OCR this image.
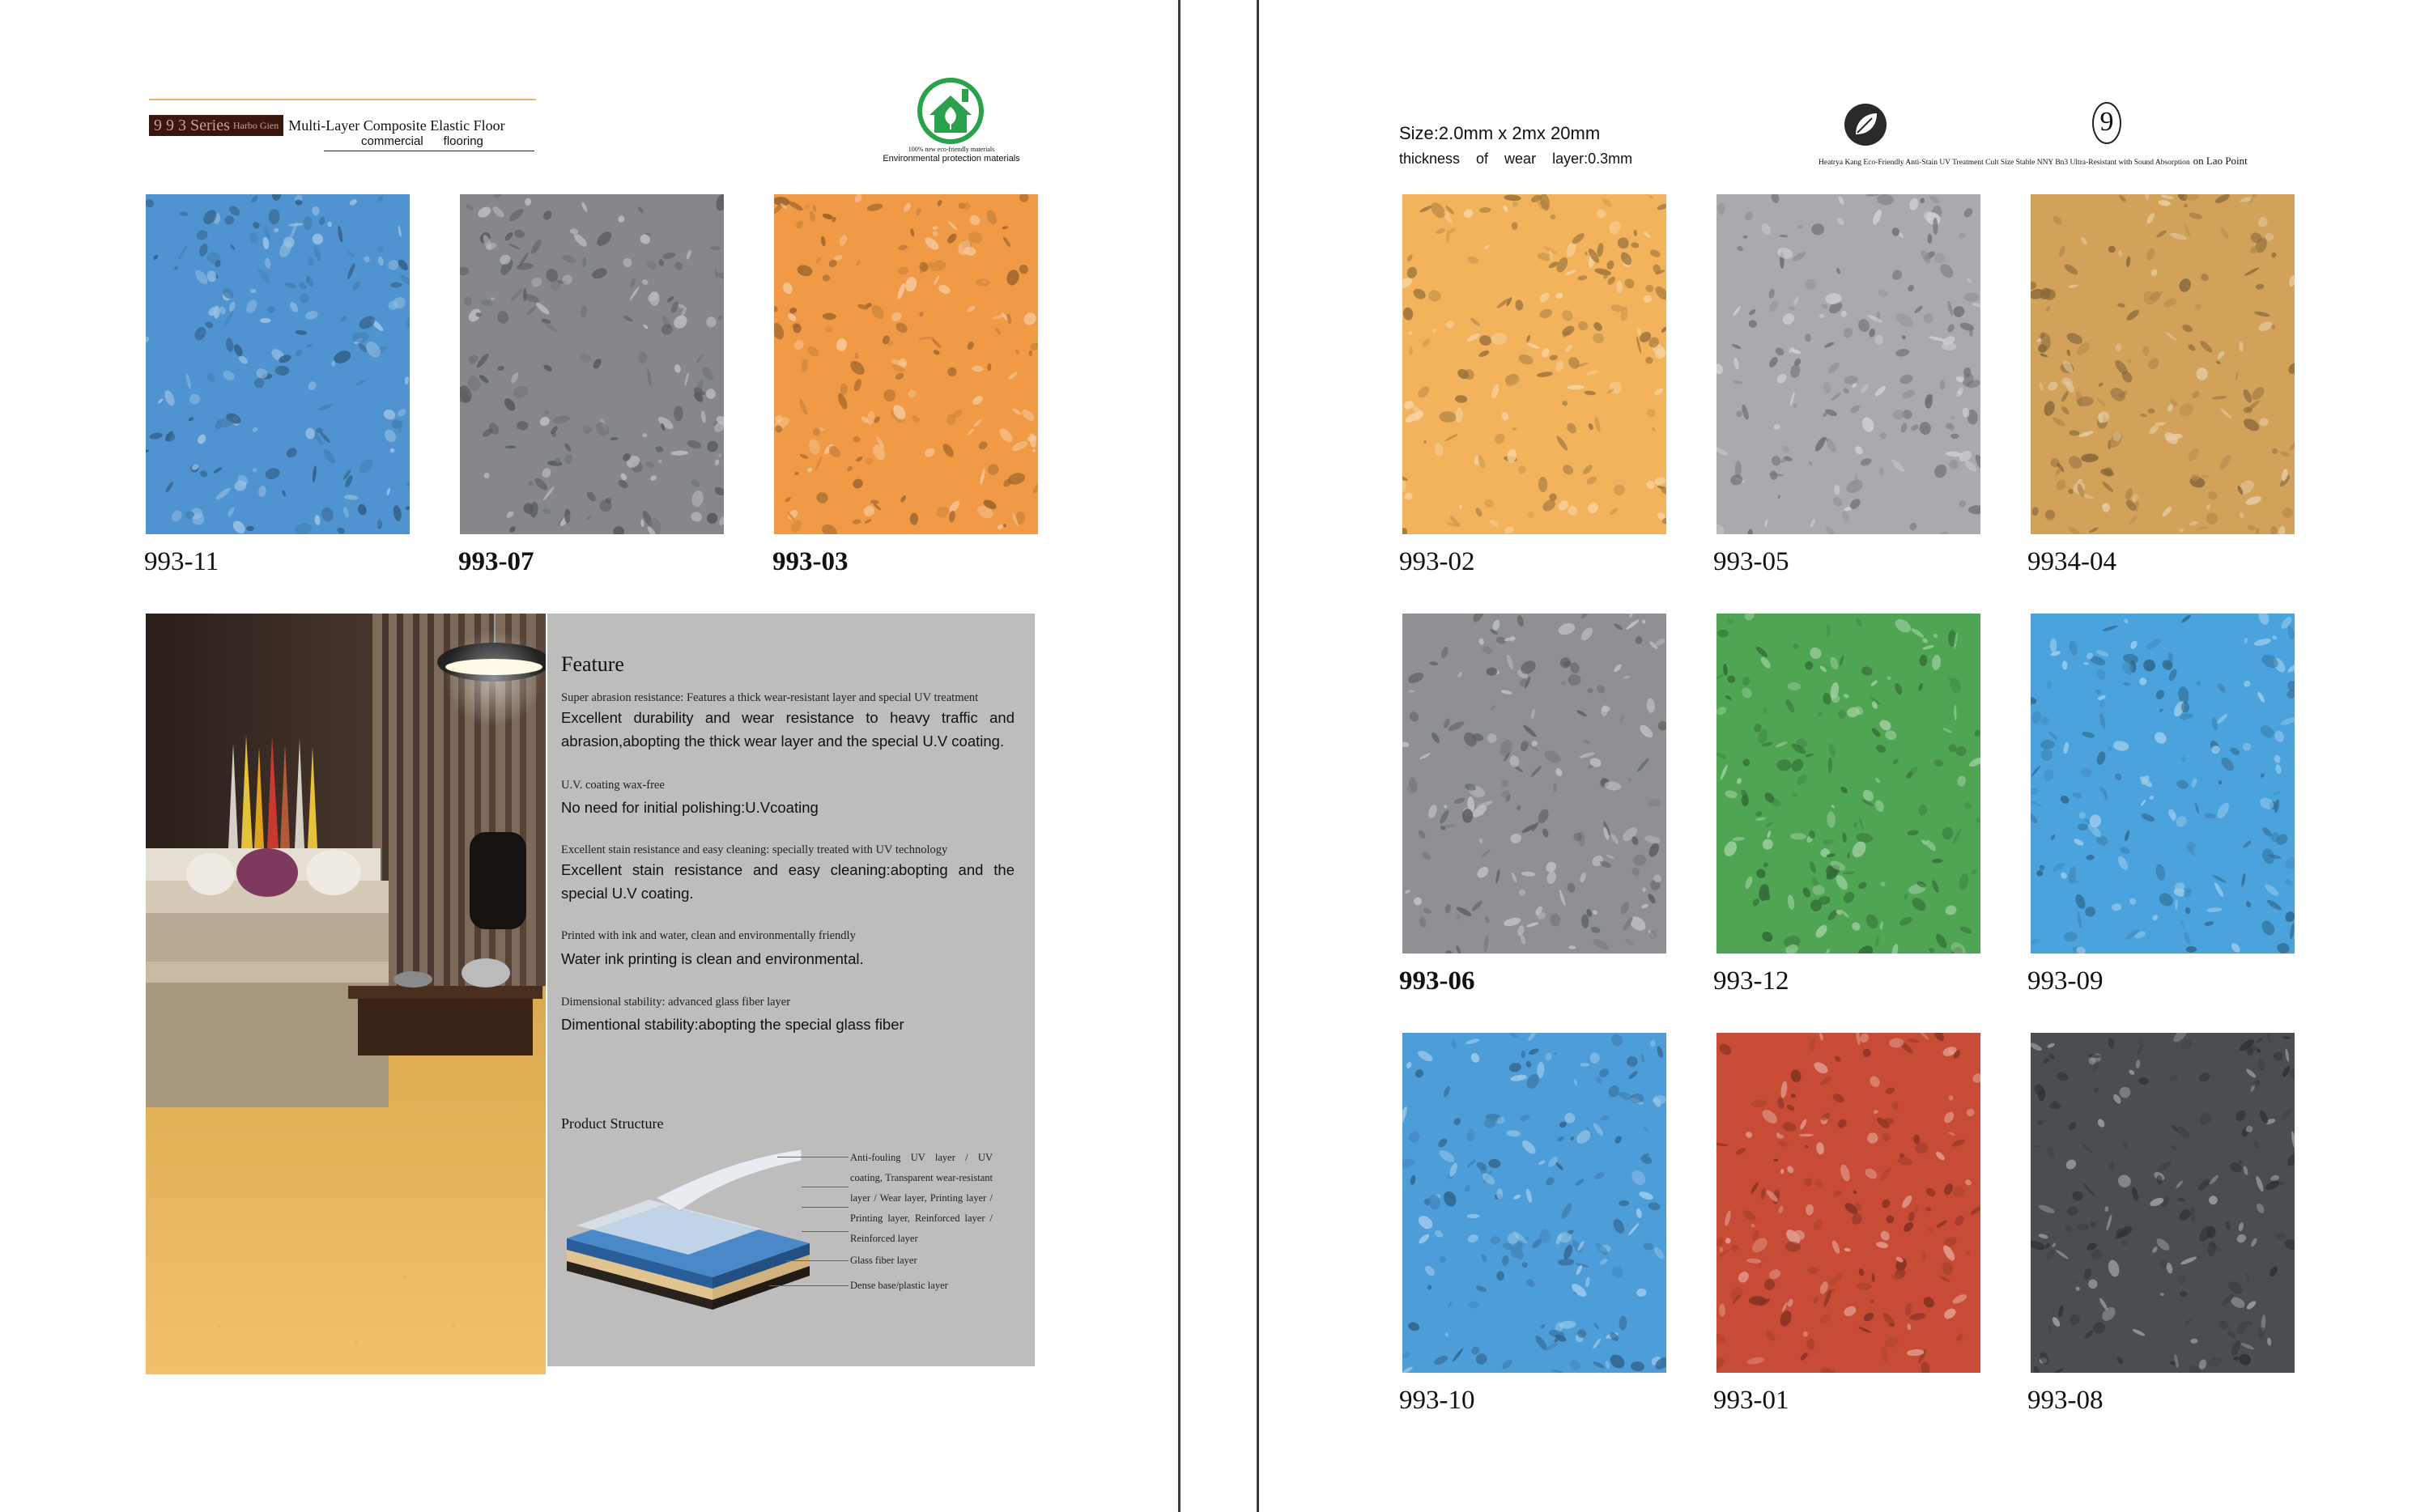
9 9 3 Series Harbo Gien Multi-Layer Composite Elastic Floor
commercial      flooring
100% new eco-friendly materials
Environmental protection materials
993-11	993-07	993-03
Feature
Super abrasion resistance: Features a thick wear-resistant layer and special UV treatment
Excellent durability and wear resistance to heavy traffic and abrasion,abopting the thick wear layer and the special U.V coating.
U.V. coating wax-free
No need for initial polishing:U.Vcoating
Excellent stain resistance and easy cleaning: specially treated with UV technology
Excellent stain resistance and easy cleaning:abopting and the special U.V coating.
Printed with ink and water, clean and environmentally friendly
Water ink printing is clean and environmental.
Dimensional stability: advanced glass fiber layer
Dimentional stability:abopting the special glass fiber
Product Structure
Anti-fouling UV layer / UV coating, Transparent wear-resistant layer / Wear layer, Printing layer / Printing layer, Reinforced layer / Reinforced layer
Glass fiber layer
Dense base/plastic layer
Size:2.0mm x 2mx 20mm
thickness    of    wear    layer:0.3mm
9
Heatrya Kang Eco-Friendly Anti-Stain UV Treatment Cult Size Stable NNY Bn3 Ultra-Resistant with Sound Absorption on Lao Point
993-02	993-05	9934-04
993-06	993-12	993-09
993-10	993-01	993-08
